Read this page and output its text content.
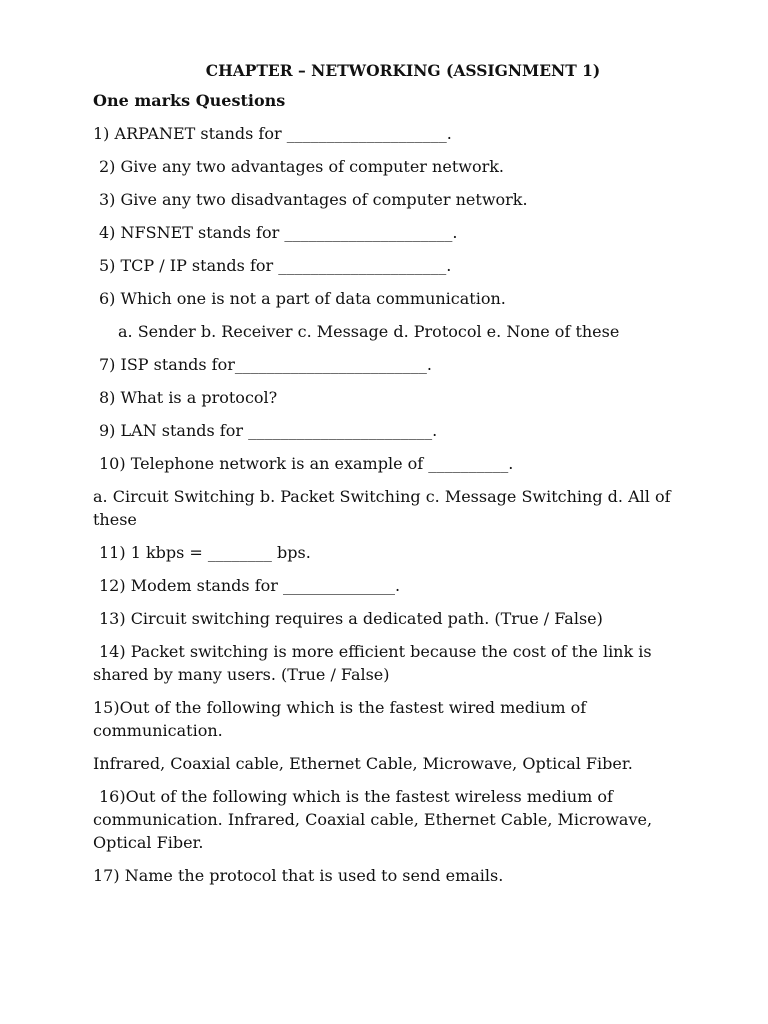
CHAPTER – NETWORKING (ASSIGNMENT 1)
One marks Questions
1) ARPANET stands for ____________________.
2) Give any two advantages of computer network.
3) Give any two disadvantages of computer network.
4) NFSNET stands for _____________________.
5) TCP / IP stands for _____________________.
6) Which one is not a part of data communication.
a. Sender b. Receiver c. Message d. Protocol e. None of these
7) ISP stands for________________________.
8) What is a protocol?
9) LAN stands for _______________________.
10) Telephone network is an example of __________.
a. Circuit Switching b. Packet Switching c. Message Switching d. All of these
11) 1 kbps = ________ bps.
12) Modem stands for ______________.
13) Circuit switching requires a dedicated path. (True / False)
14) Packet switching is more efficient because the cost of the link is shared by many users. (True / False)
15)Out of the following which is the fastest wired medium of communication.
Infrared, Coaxial cable, Ethernet Cable, Microwave, Optical Fiber.
16)Out of the following which is the fastest wireless medium of communication. Infrared, Coaxial cable, Ethernet Cable, Microwave, Optical Fiber.
17) Name the protocol that is used to send emails.
